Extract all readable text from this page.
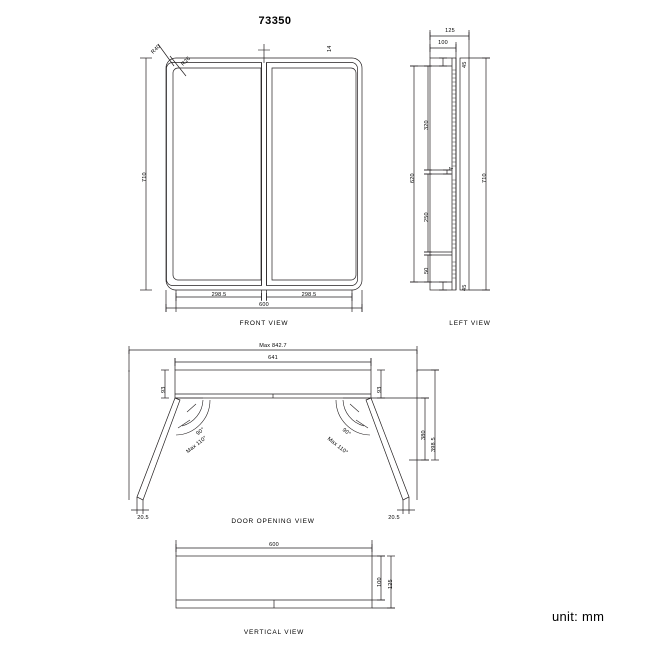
73350
unit: mm
R40
R26
14
710
298.5	298.5
600
FRONT VIEW
125
100
45
320
620
7
250
50
45
710
LEFT VIEW
Max 842.7
641
93	93
90°
Max 110°
90°
Max 110°
20.5	20.5
380
398.5
DOOR OPENING VIEW
600
100 125
VERTICAL VIEW
